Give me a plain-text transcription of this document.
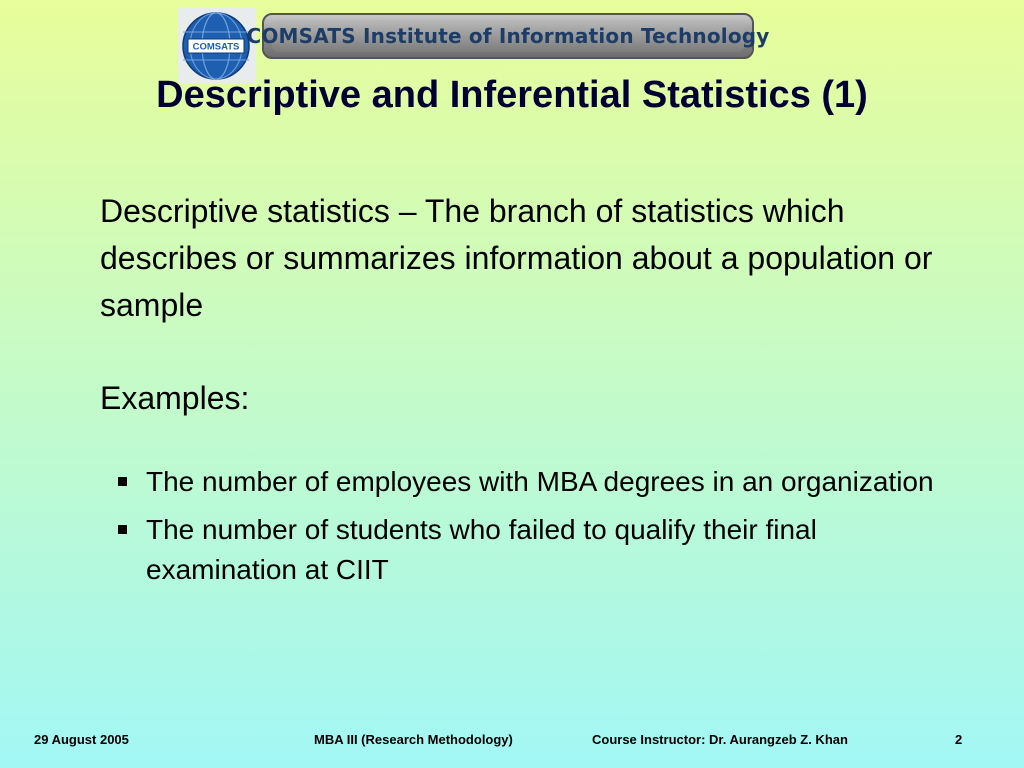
COMSATS COMSATS Institute of Information Technology
Descriptive and Inferential Statistics (1)

Descriptive statistics – The branch of statistics which describes or summarizes information about a population or sample

Examples:

The number of employees with MBA degrees in an organization
The number of students who failed to qualify their final examination at CIIT
29 August 2005	MBA III (Research Methodology)	Course Instructor: Dr. Aurangzeb Z. Khan	2
